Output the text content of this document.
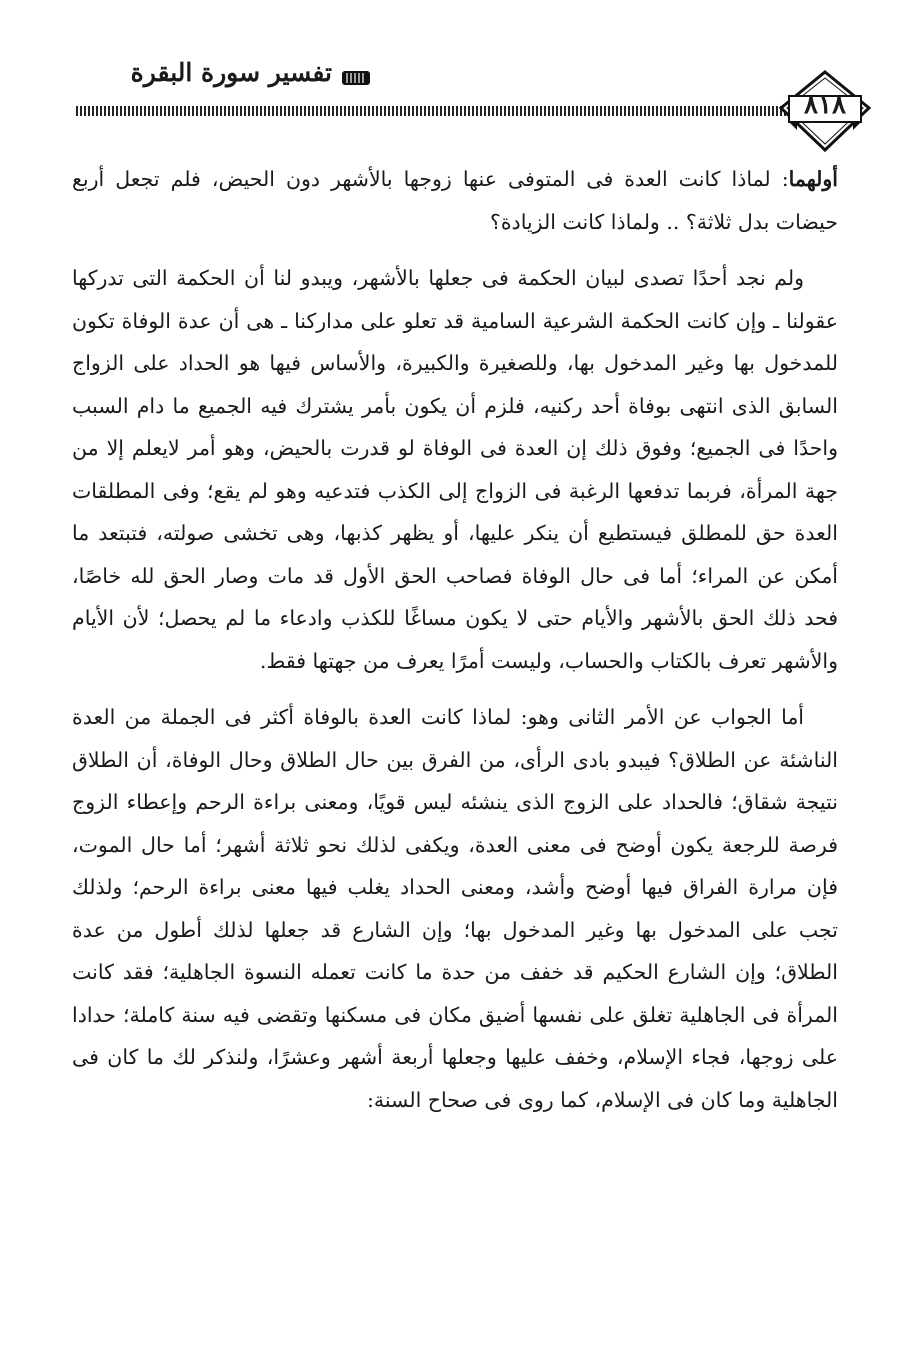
تفسير سورة البقرة
٨١٨

أولهما: لماذا كانت العدة فى المتوفى عنها زوجها بالأشهر دون الحيض، فلم تجعل أربع حيضات بدل ثلاثة؟ .. ولماذا كانت الزيادة؟

ولم نجد أحدًا تصدى لبيان الحكمة فى جعلها بالأشهر، ويبدو لنا أن الحكمة التى تدركها عقولنا ـ وإن كانت الحكمة الشرعية السامية قد تعلو على مداركنا ـ هى أن عدة الوفاة تكون للمدخول بها وغير المدخول بها، وللصغيرة والكبيرة، والأساس فيها هو الحداد على الزواج السابق الذى انتهى بوفاة أحد ركنيه، فلزم أن يكون بأمر يشترك فيه الجميع ما دام السبب واحدًا فى الجميع؛ وفوق ذلك إن العدة فى الوفاة لو قدرت بالحيض، وهو أمر لايعلم إلا من جهة المرأة، فربما تدفعها الرغبة فى الزواج إلى الكذب فتدعيه وهو لم يقع؛ وفى المطلقات العدة حق للمطلق فيستطيع أن ينكر عليها، أو يظهر كذبها، وهى تخشى صولته، فتبتعد ما أمكن عن المراء؛ أما فى حال الوفاة فصاحب الحق الأول قد مات وصار الحق لله خاصًا، فحد ذلك الحق بالأشهر والأيام حتى لا يكون مساغًا للكذب وادعاء ما لم يحصل؛ لأن الأيام والأشهر تعرف بالكتاب والحساب، وليست أمرًا يعرف من جهتها فقط.

أما الجواب عن الأمر الثانى وهو: لماذا كانت العدة بالوفاة أكثر فى الجملة من العدة الناشئة عن الطلاق؟ فيبدو بادى الرأى، من الفرق بين حال الطلاق وحال الوفاة، أن الطلاق نتيجة شقاق؛ فالحداد على الزوج الذى ينشئه ليس قويًا، ومعنى براءة الرحم وإعطاء الزوج فرصة للرجعة يكون أوضح فى معنى العدة، ويكفى لذلك نحو ثلاثة أشهر؛ أما حال الموت، فإن مرارة الفراق فيها أوضح وأشد، ومعنى الحداد يغلب فيها معنى براءة الرحم؛ ولذلك تجب على المدخول بها وغير المدخول بها؛ وإن الشارع قد جعلها لذلك أطول من عدة الطلاق؛ وإن الشارع الحكيم قد خفف من حدة ما كانت تعمله النسوة الجاهلية؛ فقد كانت المرأة فى الجاهلية تغلق على نفسها أضيق مكان فى مسكنها وتقضى فيه سنة كاملة؛ حدادا على زوجها، فجاء الإسلام، وخفف عليها وجعلها أربعة أشهر وعشرًا، ولنذكر لك ما كان فى الجاهلية وما كان فى الإسلام، كما روى فى صحاح السنة:
